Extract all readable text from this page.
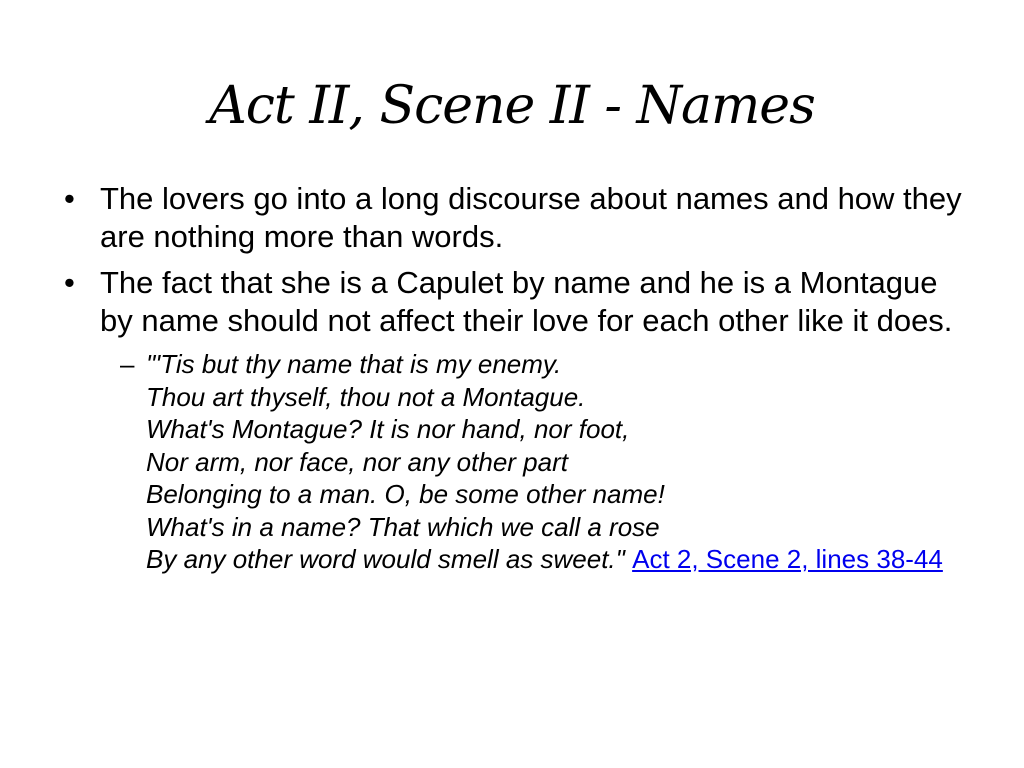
Act II, Scene II - Names
• The lovers go into a long discourse about names and how they are nothing more than words.
• The fact that she is a Capulet by name and he is a Montague by name should not affect their love for each other like it does.
– "'Tis but thy name that is my enemy.
Thou art thyself, thou not a Montague.
What's Montague? It is nor hand, nor foot,
Nor arm, nor face, nor any other part
Belonging to a man. O, be some other name!
What's in a name? That which we call a rose
By any other word would smell as sweet." Act 2, Scene 2, lines 38-44
